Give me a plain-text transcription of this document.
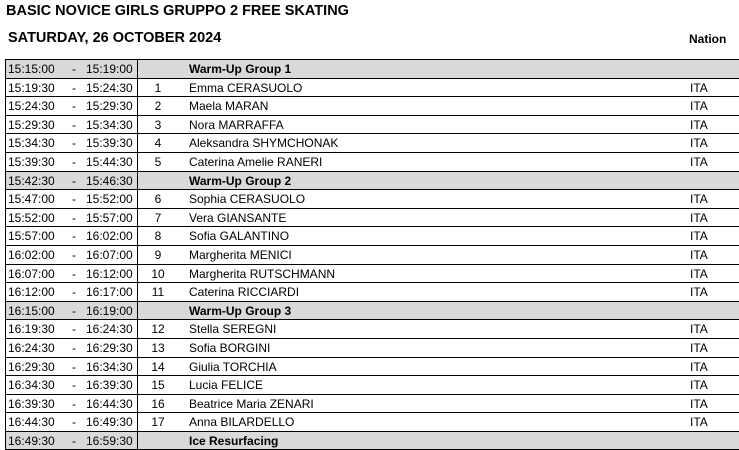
BASIC NOVICE GIRLS GRUPPO 2 FREE SKATING
SATURDAY, 26 OCTOBER 2024	Nation
15:15:00 - 15:19:00	Warm-Up Group 1
15:19:30 - 15:24:30	1	Emma CERASUOLO	ITA
15:24:30 - 15:29:30	2	Maela MARAN	ITA
15:29:30 - 15:34:30	3	Nora MARRAFFA	ITA
15:34:30 - 15:39:30	4	Aleksandra SHYMCHONAK	ITA
15:39:30 - 15:44:30	5	Caterina Amelie RANERI	ITA
15:42:30 - 15:46:30	Warm-Up Group 2
15:47:00 - 15:52:00	6	Sophia CERASUOLO	ITA
15:52:00 - 15:57:00	7	Vera GIANSANTE	ITA
15:57:00 - 16:02:00	8	Sofia GALANTINO	ITA
16:02:00 - 16:07:00	9	Margherita MENICI	ITA
16:07:00 - 16:12:00 10 Margherita RUTSCHMANN	ITA
16:12:00 - 16:17:00 11 Caterina RICCIARDI	ITA
16:15:00 - 16:19:00	Warm-Up Group 3
16:19:30 - 16:24:30 12 Stella SEREGNI	ITA
16:24:30 - 16:29:30 13 Sofia BORGINI	ITA
16:29:30 - 16:34:30 14 Giulia TORCHIA	ITA
16:34:30 - 16:39:30 15 Lucia FELICE	ITA
16:39:30 - 16:44:30 16 Beatrice Maria ZENARI	ITA
16:44:30 - 16:49:30 17 Anna BILARDELLO	ITA
16:49:30 - 16:59:30	Ice Resurfacing
